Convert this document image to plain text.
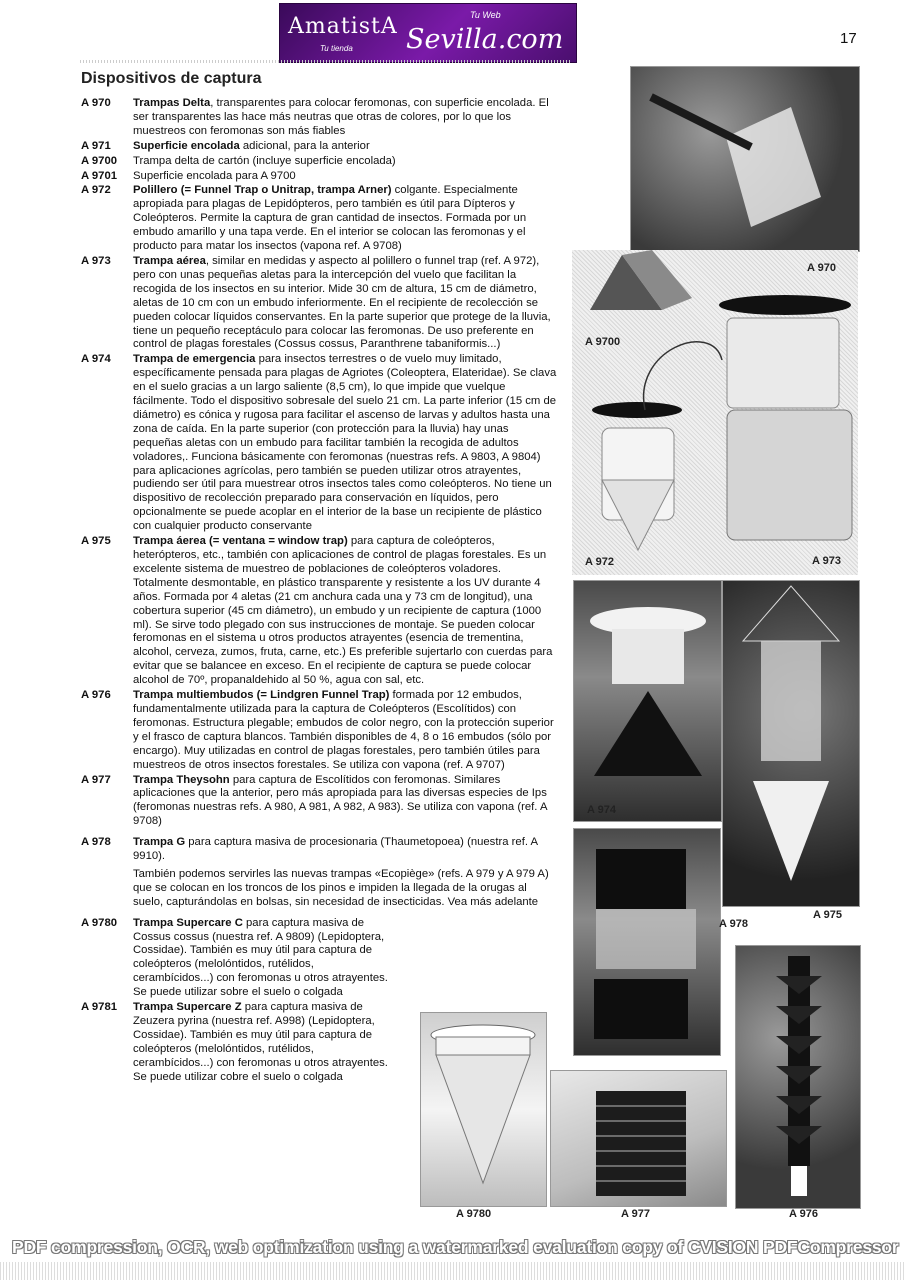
AmatistA Sevilla.com
Tu Web
Tu tienda
17
Dispositivos de captura
A 970	Trampas Delta, transparentes para colocar feromonas, con superficie encolada. El ser transparentes las hace más neutras que otras de colores, por lo que los muestreos con feromonas son más fiables
A 971	Superficie encolada adicional, para la anterior
A 9700	Trampa delta de cartón (incluye superficie encolada)
A 9701	Superficie encolada para A 9700
A 972	Polillero (= Funnel Trap o Unitrap, trampa Arner) colgante. Especialmente apropiada para plagas de Lepidópteros, pero también es útil para Dípteros y Coleópteros. Permite la captura de gran cantidad de insectos. Formada por un embudo amarillo y una tapa verde. En el interior se colocan las feromonas y el producto para matar los insectos (vapona ref. A 9708)
A 973	Trampa aérea, similar en medidas y aspecto al polillero o funnel trap (ref. A 972), pero con unas pequeñas aletas para la intercepción del vuelo que facilitan la recogida de los insectos en su interior. Mide 30 cm de altura, 15 cm de diámetro, aletas de 10 cm con un embudo inferiormente. En el recipiente de recolección se pueden colocar líquidos conservantes. En la parte superior que protege de la lluvia, tiene un pequeño receptáculo para colocar las feromonas. De uso preferente en control de plagas forestales (Cossus cossus, Paranthrene tabaniformis...)
A 974	Trampa de emergencia para insectos terrestres o de vuelo muy limitado, específicamente pensada para plagas de Agriotes (Coleoptera, Elateridae). Se clava en el suelo gracias a un largo saliente (8,5 cm), lo que impide que vuelque fácilmente. Todo el dispositivo sobresale del suelo 21 cm. La parte inferior (15 cm de diámetro) es cónica y rugosa para facilitar el ascenso de larvas y adultos hasta una zona de caída. En la parte superior (con protección para la lluvia) hay unas pequeñas aletas con un embudo para facilitar también la recogida de adultos voladores,. Funciona básicamente con feromonas (nuestras refs. A 9803, A 9804) para aplicaciones agrícolas, pero también se pueden utilizar otros atrayentes, pudiendo ser útil para muestrear otros insectos tales como coleópteros. No tiene un dispositivo de recolección preparado para conservación en líquidos, pero opcionalmente se puede acoplar en el interior de la base un recipiente de plástico con cualquier producto conservante
A 975	Trampa áerea (= ventana = window trap) para captura de coleópteros, heterópteros, etc., también con aplicaciones de control de plagas forestales. Es un excelente sistema de muestreo de poblaciones de coleópteros voladores. Totalmente desmontable, en plástico transparente y resistente a los UV durante 4 años. Formada por 4 aletas (21 cm anchura cada una y 73 cm de longitud), una cobertura superior (45 cm diámetro), un embudo y un recipiente de captura (1000 ml). Se sirve todo plegado con sus instrucciones de montaje. Se pueden colocar feromonas en el sistema u otros productos atrayentes (esencia de trementina, alcohol, cerveza, zumos, fruta, carne, etc.) Es preferible sujertarlo con cuerdas para evitar que se balancee en exceso. En el recipiente de captura se puede colocar alcohol de 70º, propanaldehido al 50 %, agua con sal, etc.
A 976	Trampa multiembudos (= Lindgren Funnel Trap) formada por 12 embudos, fundamentalmente utilizada para la captura de Coleópteros (Escolítidos) con feromonas. Estructura plegable; embudos de color negro, con la protección superior y el frasco de captura blancos. También disponibles de 4, 8 o 16 embudos (sólo por encargo). Muy utilizadas en control de plagas forestales, pero también útiles para muestreos de otros insectos forestales. Se utiliza con vapona (ref. A 9707)
A 977	Trampa Theysohn para captura de Escolítidos con feromonas. Similares aplicaciones que la anterior, pero más apropiada para las diversas especies de Ips (feromonas nuestras refs. A 980, A 981, A 982, A 983). Se utiliza con vapona (ref. A 9708)
A 978	Trampa G para captura masiva de procesionaria (Thaumetopoea) (nuestra ref. A 9910).
También podemos servirles las nuevas trampas «Ecopiège» (refs. A 979 y A 979 A) que se colocan en los troncos de los pinos e impiden la llegada de la orugas al suelo, capturándolas en bolsas, sin necesidad de insecticidas. Vea más adelante
A 9780	Trampa Supercare C para captura masiva de Cossus cossus (nuestra ref. A 9809) (Lepidoptera, Cossidae). También es muy útil para captura de coleópteros (melolóntidos, rutélidos, cerambícidos...) con feromonas u otros atrayentes. Se puede utilizar sobre el suelo o colgada
A 9781	Trampa Supercare Z para captura masiva de Zeuzera pyrina (nuestra ref. A998) (Lepidoptera, Cossidae). También es muy útil para captura de coleópteros (melolóntidos, rutélidos, cerambícidos...) con feromonas u otros atrayentes. Se puede utilizar cobre el suelo o colgada
A 970
A 9700
A 972	A 973
A 974
A 978
A 975
A 9780	A 977	A 976
PDF compression, OCR, web optimization using a watermarked evaluation copy of CVISION PDFCompressor
